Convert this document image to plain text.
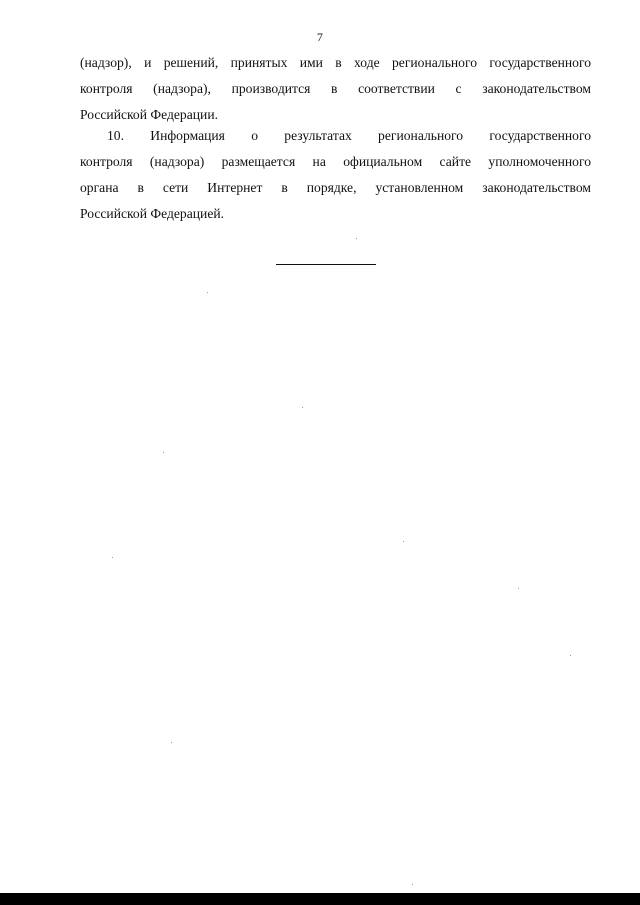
7
(надзор), и решений, принятых ими в ходе регионального государственного
контроля (надзора), производится в соответствии с законодательством
Российской Федерации.
10. Информация о результатах регионального государственного
контроля (надзора) размещается на официальном сайте уполномоченного
органа в сети Интернет в порядке, установленном законодательством
Российской Федерацией.
